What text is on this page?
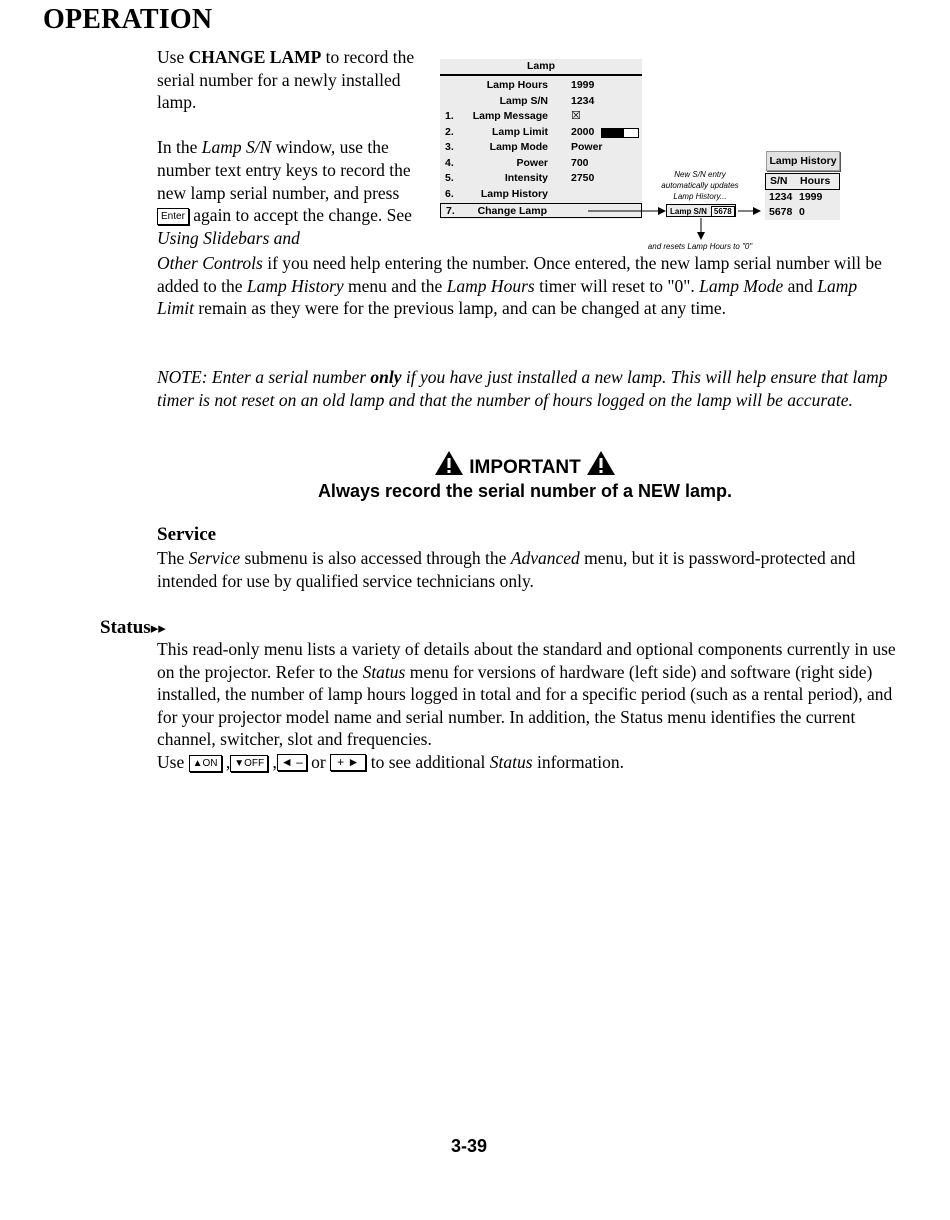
OPERATION
Use CHANGE LAMP to record the serial number for a newly installed lamp.
In the Lamp S/N window, use the number text entry keys to record the new lamp serial number, and press Enter again to accept the change. See Using Slidebars and
Other Controls if you need help entering the number. Once entered, the new lamp serial number will be added to the Lamp History menu and the Lamp Hours timer will reset to "0". Lamp Mode and Lamp Limit remain as they were for the previous lamp, and can be changed at any time.
NOTE: Enter a serial number only if you have just installed a new lamp. This will help ensure that lamp timer is not reset on an old lamp and that the number of hours logged on the lamp will be accurate.
IMPORTANT
Always record the serial number of a NEW lamp.
Service
The Service submenu is also accessed through the Advanced menu, but it is password-protected and intended for use by qualified service technicians only.
Status▸▸
This read-only menu lists a variety of details about the standard and optional components currently in use on the projector. Refer to the Status menu for versions of hardware (left side) and software (right side) installed, the number of lamp hours logged in total and for a specific period (such as a rental period), and for your projector model name and serial number. In addition, the Status menu identifies the current channel, switcher, slot and frequencies.
Use ▲ON , ▼OFF , ◄ – or + ► to see additional Status information.
Lamp
Lamp Hours 1999
Lamp S/N 1234
1. Lamp Message ☒
2.	Lamp Limit 2000
3.	Lamp Mode Power
4.	Power 700
5.	Intensity 2750
6.	Lamp History
7. Change Lamp
New S/N entry
automatically updates
Lamp History...
and resets Lamp Hours to "0"
Lamp S/N 5678
Lamp History
S/N Hours
1234 1999
5678 0
3-39
